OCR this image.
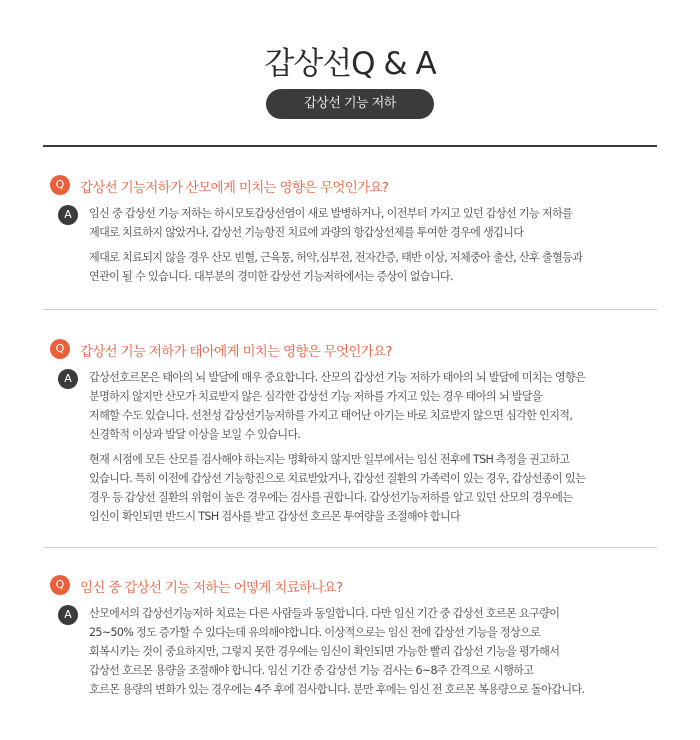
갑상선Q & A
갑상선 기능 저하
Q	갑상선 기능저하가 산모에게 미치는 영향은 무엇인가요?
A	임신 중 갑상선 기능 저하는 하시모토갑상선염이 새로 발병하거나, 이전부터 가지고 있던 갑상선 기능 저하를
제대로 치료하지 않았거나, 갑상선 기능항진 치료에 과량의 항갑상선제를 투여한 경우에 생깁니다

제대로 치료되지 않을 경우 산모 빈혈, 근육통, 허약,심부전, 전자간증, 태반 이상, 저체중아 출산, 산후 출혈등과
연관이 될 수 있습니다. 대부분의 경미한 갑상선 기능저하에서는 증상이 없습니다.

Q	갑상선 기능 저하가 태아에게 미치는 영향은 무엇인가요?
A	갑상선호르몬은 태아의 뇌 발달에 매우 중요합니다. 산모의 갑상선 기능 저하가 태아의 뇌 발달에 미치는 영향은
분명하지 않지만 산모가 치료받지 않은 심각한 갑상선 기능 저하를 가지고 있는 경우 태아의 뇌 발달을
저해할 수도 있습니다. 선천성 갑상선기능저하를 가지고 태어난 아기는 바로 치료받지 않으면 심각한 인지적,
신경학적 이상과 발달 이상을 보일 수 있습니다.

현재 시점에 모든 산모를 검사해야 하는지는 명확하지 않지만 일부에서는 임신 전후에 TSH 측정을 권고하고
있습니다. 특히 이전에 갑상선 기능항진으로 치료받았거나, 갑상선 질환의 가족력이 있는 경우, 갑상선종이 있는
경우 등 갑상선 질환의 위험이 높은 경우에는 검사를 권합니다. 갑상선기능저하를 알고 있던 산모의 경우에는
임신이 확인되면 반드시 TSH 검사를 받고 갑상선 호르몬 투여량을 조절해야 합니다

Q	임신 중 갑상선 기능 저하는 어떻게 치료하나요?
A	산모에서의 갑상선기능저하 치료는 다른 사람들과 동일합니다. 다만 임신 기간 중 갑상선 호르몬 요구량이
25~50% 정도 증가할 수 있다는데 유의해야합니다. 이상적으로는 임신 전에 갑상선 기능을 정상으로
회복시키는 것이 중요하지만, 그렇지 못한 경우에는 임신이 확인되면 가능한 빨리 갑상선 기능을 평가해서
갑상선 호르몬 용량을 조절해야 합니다. 임신 기간 중 갑상선 기능 검사는 6~8주 간격으로 시행하고
호르몬 용량의 변화가 있는 경우에는 4주 후에 검사합니다. 분만 후에는 임신 전 호르몬 복용량으로 돌아갑니다.
